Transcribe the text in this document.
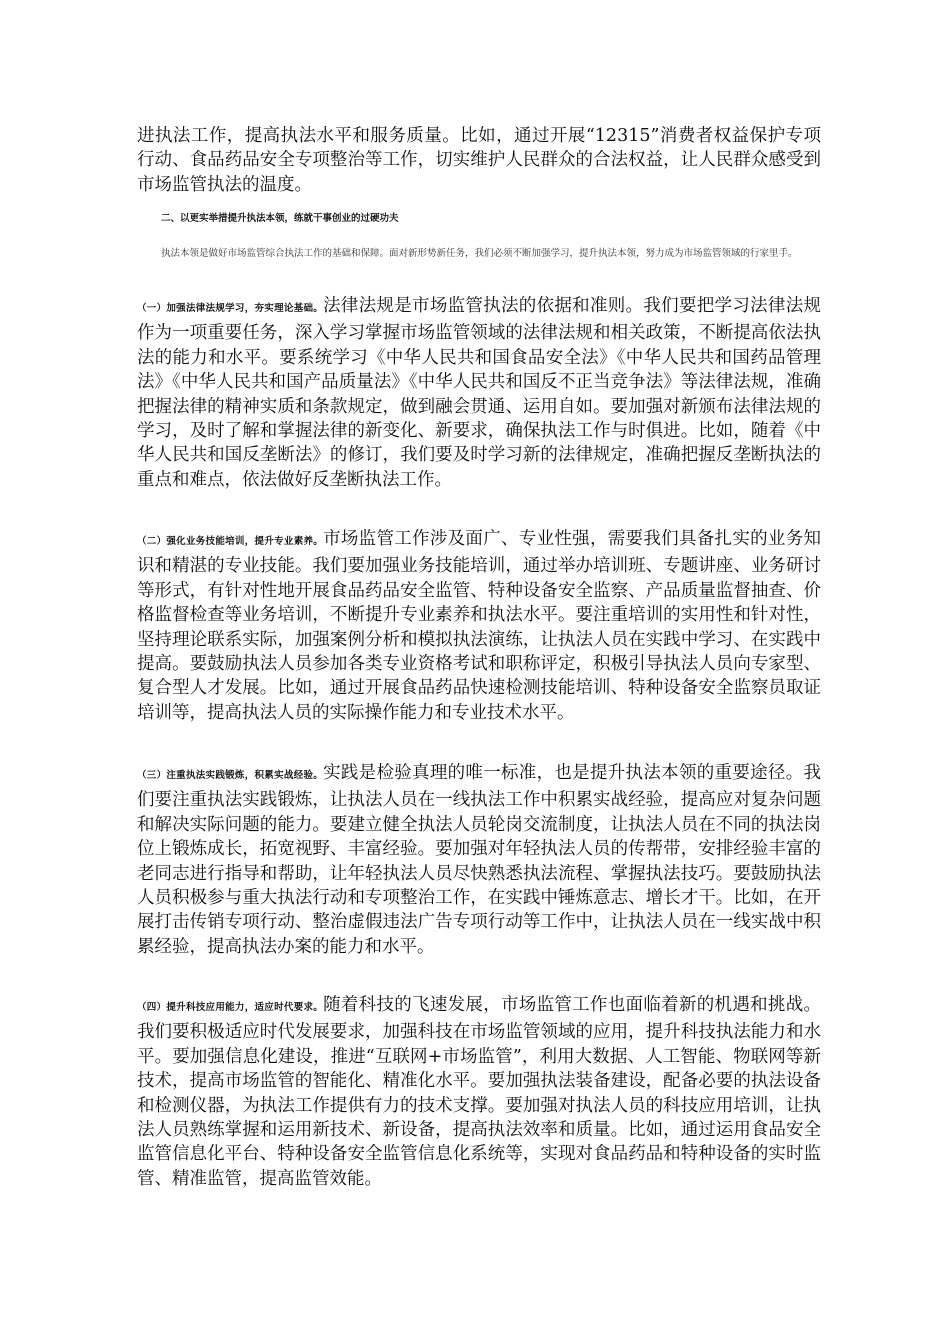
进执法工作，提高执法水平和服务质量。比如，通过开展“12315”消费者权益保护专项行动、食品药品安全专项整治等工作，切实维护人民群众的合法权益，让人民群众感受到市场监管执法的温度。

二、以更实举措提升执法本领，练就干事创业的过硬功夫

执法本领是做好市场监管综合执法工作的基础和保障。面对新形势新任务，我们必须不断加强学习，提升执法本领，努力成为市场监管领域的行家里手。

（一）加强法律法规学习，夯实理论基础。法律法规是市场监管执法的依据和准则。我们要把学习法律法规作为一项重要任务，深入学习掌握市场监管领域的法律法规和相关政策，不断提高依法执法的能力和水平。要系统学习《中华人民共和国食品安全法》《中华人民共和国药品管理法》《中华人民共和国产品质量法》《中华人民共和国反不正当竞争法》等法律法规，准确把握法律的精神实质和条款规定，做到融会贯通、运用自如。要加强对新颁布法律法规的学习，及时了解和掌握法律的新变化、新要求，确保执法工作与时俱进。比如，随着《中华人民共和国反垄断法》的修订，我们要及时学习新的法律规定，准确把握反垄断执法的重点和难点，依法做好反垄断执法工作。

（二）强化业务技能培训，提升专业素养。市场监管工作涉及面广、专业性强，需要我们具备扎实的业务知识和精湛的专业技能。我们要加强业务技能培训，通过举办培训班、专题讲座、业务研讨等形式，有针对性地开展食品药品安全监管、特种设备安全监察、产品质量监督抽查、价格监督检查等业务培训，不断提升专业素养和执法水平。要注重培训的实用性和针对性，坚持理论联系实际，加强案例分析和模拟执法演练，让执法人员在实践中学习、在实践中提高。要鼓励执法人员参加各类专业资格考试和职称评定，积极引导执法人员向专家型、复合型人才发展。比如，通过开展食品药品快速检测技能培训、特种设备安全监察员取证培训等，提高执法人员的实际操作能力和专业技术水平。

（三）注重执法实践锻炼，积累实战经验。实践是检验真理的唯一标准，也是提升执法本领的重要途径。我们要注重执法实践锻炼，让执法人员在一线执法工作中积累实战经验，提高应对复杂问题和解决实际问题的能力。要建立健全执法人员轮岗交流制度，让执法人员在不同的执法岗位上锻炼成长，拓宽视野、丰富经验。要加强对年轻执法人员的传帮带，安排经验丰富的老同志进行指导和帮助，让年轻执法人员尽快熟悉执法流程、掌握执法技巧。要鼓励执法人员积极参与重大执法行动和专项整治工作，在实践中锤炼意志、增长才干。比如，在开展打击传销专项行动、整治虚假违法广告专项行动等工作中，让执法人员在一线实战中积累经验，提高执法办案的能力和水平。

（四）提升科技应用能力，适应时代要求。随着科技的飞速发展，市场监管工作也面临着新的机遇和挑战。我们要积极适应时代发展要求，加强科技在市场监管领域的应用，提升科技执法能力和水平。要加强信息化建设，推进“互联网+市场监管”，利用大数据、人工智能、物联网等新技术，提高市场监管的智能化、精准化水平。要加强执法装备建设，配备必要的执法设备和检测仪器，为执法工作提供有力的技术支撑。要加强对执法人员的科技应用培训，让执法人员熟练掌握和运用新技术、新设备，提高执法效率和质量。比如，通过运用食品安全监管信息化平台、特种设备安全监管信息化系统等，实现对食品药品和特种设备的实时监管、精准监管，提高监管效能。
